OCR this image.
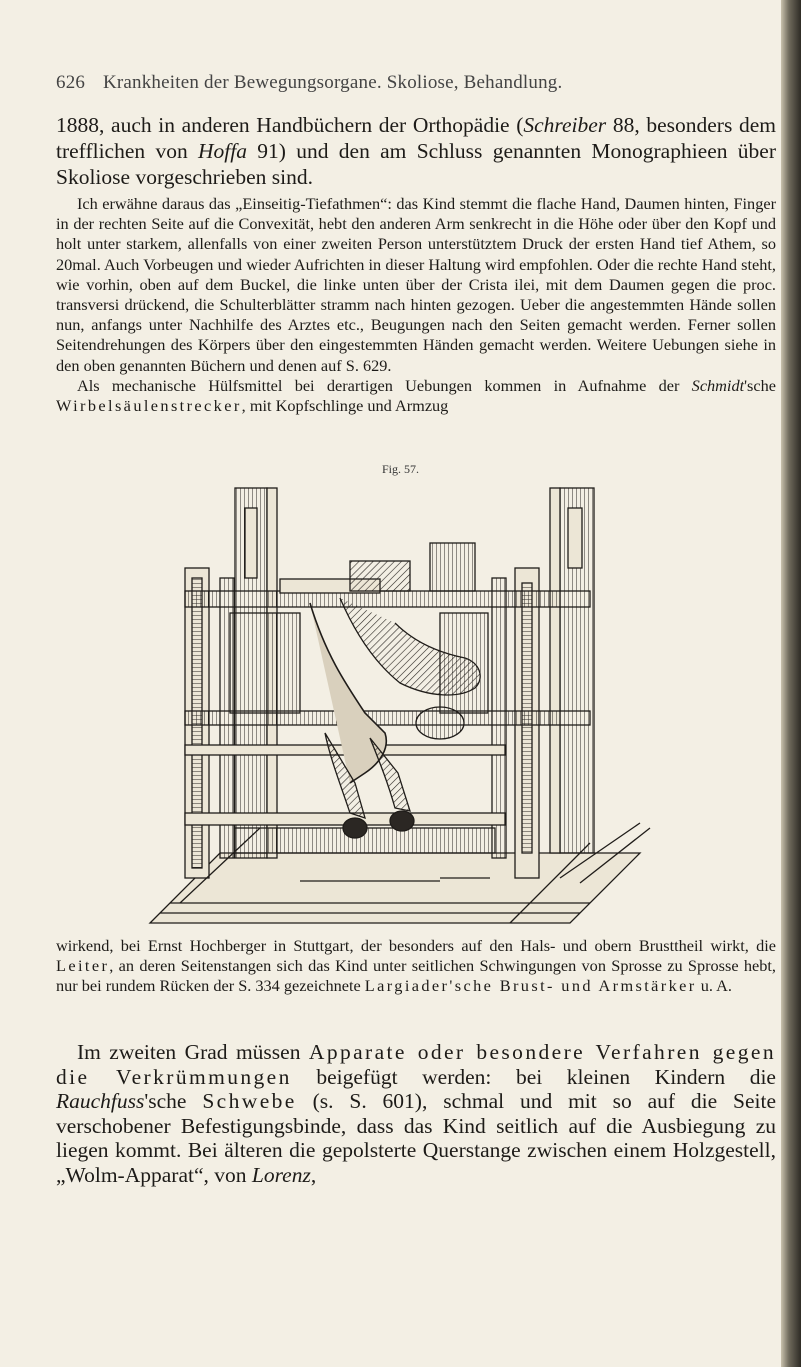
626 Krankheiten der Bewegungsorgane. Skoliose, Behandlung.

1888, auch in anderen Handbüchern der Orthopädie (Schreiber 88, besonders dem trefflichen von Hoffa 91) und den am Schluss genannten Monographieen über Skoliose vorgeschrieben sind.

Ich erwähne daraus das „Einseitig-Tiefathmen“: das Kind stemmt die flache Hand, Daumen hinten, Finger in der rechten Seite auf die Convexität, hebt den anderen Arm senkrecht in die Höhe oder über den Kopf und holt unter starkem, allenfalls von einer zweiten Person unterstütztem Druck der ersten Hand tief Athem, so 20mal. Auch Vorbeugen und wieder Aufrichten in dieser Haltung wird empfohlen. Oder die rechte Hand steht, wie vorhin, oben auf dem Buckel, die linke unten über der Crista ilei, mit dem Daumen gegen die proc. transversi drückend, die Schulterblätter stramm nach hinten gezogen. Ueber die angestemmten Hände sollen nun, anfangs unter Nachhilfe des Arztes etc., Beugungen nach den Seiten gemacht werden. Ferner sollen Seitendrehungen des Körpers über den eingestemmten Händen gemacht werden. Weitere Uebungen siehe in den oben genannten Büchern und denen auf S. 629.

Als mechanische Hülfsmittel bei derartigen Uebungen kommen in Aufnahme der Schmidt'sche Wirbelsäulenstrecker, mit Kopfschlinge und Armzug

Fig. 57.

wirkend, bei Ernst Hochberger in Stuttgart, der besonders auf den Hals- und obern Brusttheil wirkt, die Leiter, an deren Seitenstangen sich das Kind unter seitlichen Schwingungen von Sprosse zu Sprosse hebt, nur bei rundem Rücken der S. 334 gezeichnete Largiader'sche Brust- und Armstärker u. A.

Im zweiten Grad müssen Apparate oder besondere Verfahren gegen die Verkrümmungen beigefügt werden: bei kleinen Kindern die Rauchfuss'sche Schwebe (s. S. 601), schmal und mit so auf die Seite verschobener Befestigungsbinde, dass das Kind seitlich auf die Ausbiegung zu liegen kommt. Bei älteren die gepolsterte Querstange zwischen einem Holzgestell, „Wolm-Apparat“, von Lorenz,
